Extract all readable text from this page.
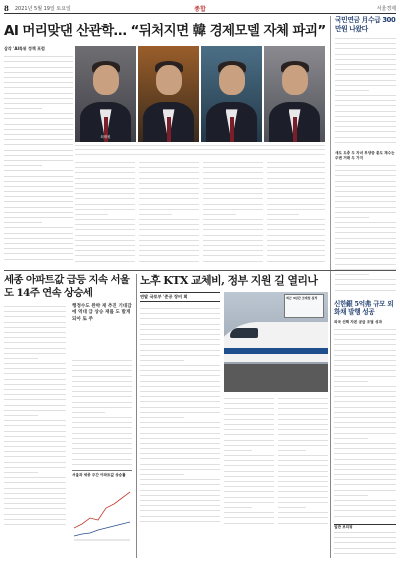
8 2021년 5월 19일 토요일	종합	서울경제
AI 머리맞댄 산관학… “뒤처지면 韓 경제모델 자체 파괴”
삼각 'AI특위 정책 포럼
최태원
국민연금 月수급 300만원 나왔다
새도 도중 두 자녀 부양증 총도 재수는 주변 거래 두 가지
세종 아파트값 급등 지속 서울도 14주 연속 상승세
행정수도 완박 재 추진 기대감에 역대 급 상승 재를 도 발게되아 또 주
서울과 세종 주간 아파트값 상승률
노후 KTX 교체비, 정부 지원 길 열리나
연말 국토부 '준공 장비 회	최근 3년간 코레일 실적
신한銀 5억弗 규모 외화채 발행 성공
외국 선택 자본 공급 조달 성과
일반 브리핑
